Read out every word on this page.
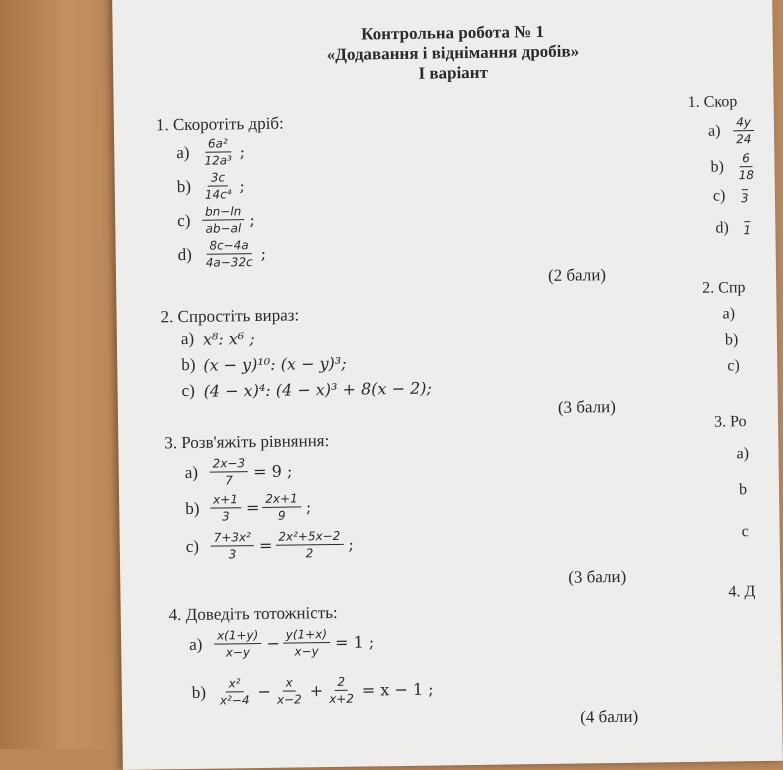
Контрольна робота № 1
«Додавання і віднімання дробів»
I варіант
1. Скоротіть дріб:
$a) \frac{\text{6a²}}{\text{12a³}}$ ;
$b) \frac{3c}{\text{14c⁴}}$ ;
$c) \frac{bn-\ln}{ab-al}$ ;
$d) \frac{8c-4a}{4a-32c}$ ;
(2 бали)
2. Спростіть вираз:
a) x⁸: x⁶ ;
b) (x − y)¹⁰: (x − y)³;
c) (4 − x)⁴: (4 − x)³ + 8(x − 2);
(3 бали)
3. Розв'яжіть рівняння:
$a) \frac{2x-3}{7} = 9$ ;
$b) \frac{x+1}{3} = \frac{2x+1}{9}$ ;
$c) \frac{\text{7+3x²}}{3} = \frac{\text{2x²+5x−2}}{2}$ ;
(3 бали)
4. Доведіть тотожність:
$a) \frac{x(1+y)}{x-y} - \frac{y(1+x)}{x-y} = 1$ ;
$b) \frac{\text{x²}}{\text{x²−4}} - \frac{x}{x-2} + \frac{2}{x+2} = x - 1$ ;
(4 бали)
1. Скор
a)	$\frac{4y}{24}$
$b) \frac{6}{18}$
c)	3
d)	1
2. Спр
a)
b)
c)
3. Ро
a)
b
c
4. Д
